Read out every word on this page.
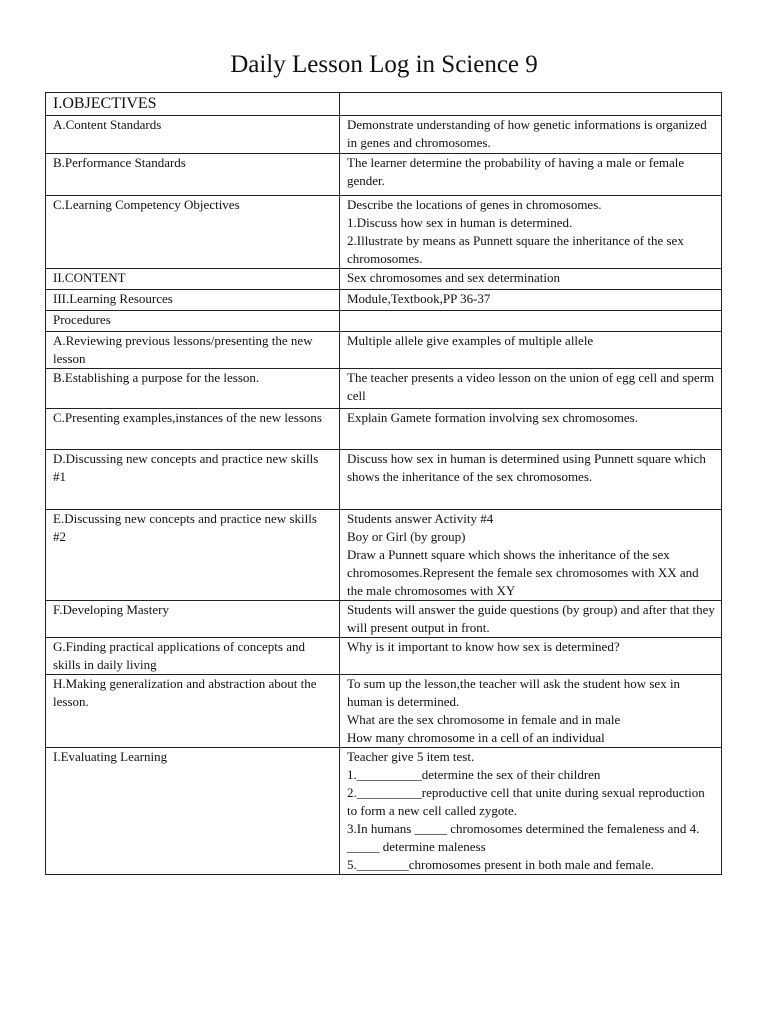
Daily Lesson Log in Science 9
I.OBJECTIVES	
A.Content Standards	Demonstrate understanding of how genetic informations is organized in genes and chromosomes.

B.Performance Standards	The learner determine the probability of having a male or female gender.

C.Learning Competency Objectives	Describe the locations of genes in chromosomes.
1.Discuss how sex in human is determined.
2.Illustrate by means as Punnett square the inheritance of the sex chromosomes.

II.CONTENT	Sex chromosomes and sex determination

III.Learning Resources	Module,Textbook,PP 36-37

Procedures	
A.Reviewing previous lessons/presenting the new lesson	Multiple allele give examples of multiple allele

B.Establishing a purpose for the lesson.	The teacher presents a video lesson on the union of egg cell and sperm cell

C.Presenting examples,instances of the new lessons	Explain Gamete formation involving sex chromosomes.

D.Discussing new concepts and practice new skills #1	Discuss how sex in human is determined using Punnett square which shows the inheritance of the sex chromosomes.

E.Discussing new concepts and practice new skills #2	Students answer Activity #4
Boy or Girl (by group)
Draw a Punnett square which shows the inheritance of the sex chromosomes.Represent the female sex chromosomes with XX and the male chromosomes with XY

F.Developing Mastery	Students will answer the guide questions (by group) and after that they will present output in front.

G.Finding practical applications of concepts and skills in daily living	Why is it important to know how sex is determined?

H.Making generalization and abstraction about the lesson.	To sum up the lesson,the teacher will ask the student how sex in human is determined.
What are the sex chromosome in female and in male
How many chromosome in a cell of an individual

I.Evaluating Learning	Teacher give 5 item test.
1.__________determine the sex of their children
2.__________reproductive cell that unite during sexual reproduction to form a new cell called zygote.
3.In humans _____ chromosomes determined the femaleness and 4. _____ determine maleness
5.________chromosomes present in both male and female.
